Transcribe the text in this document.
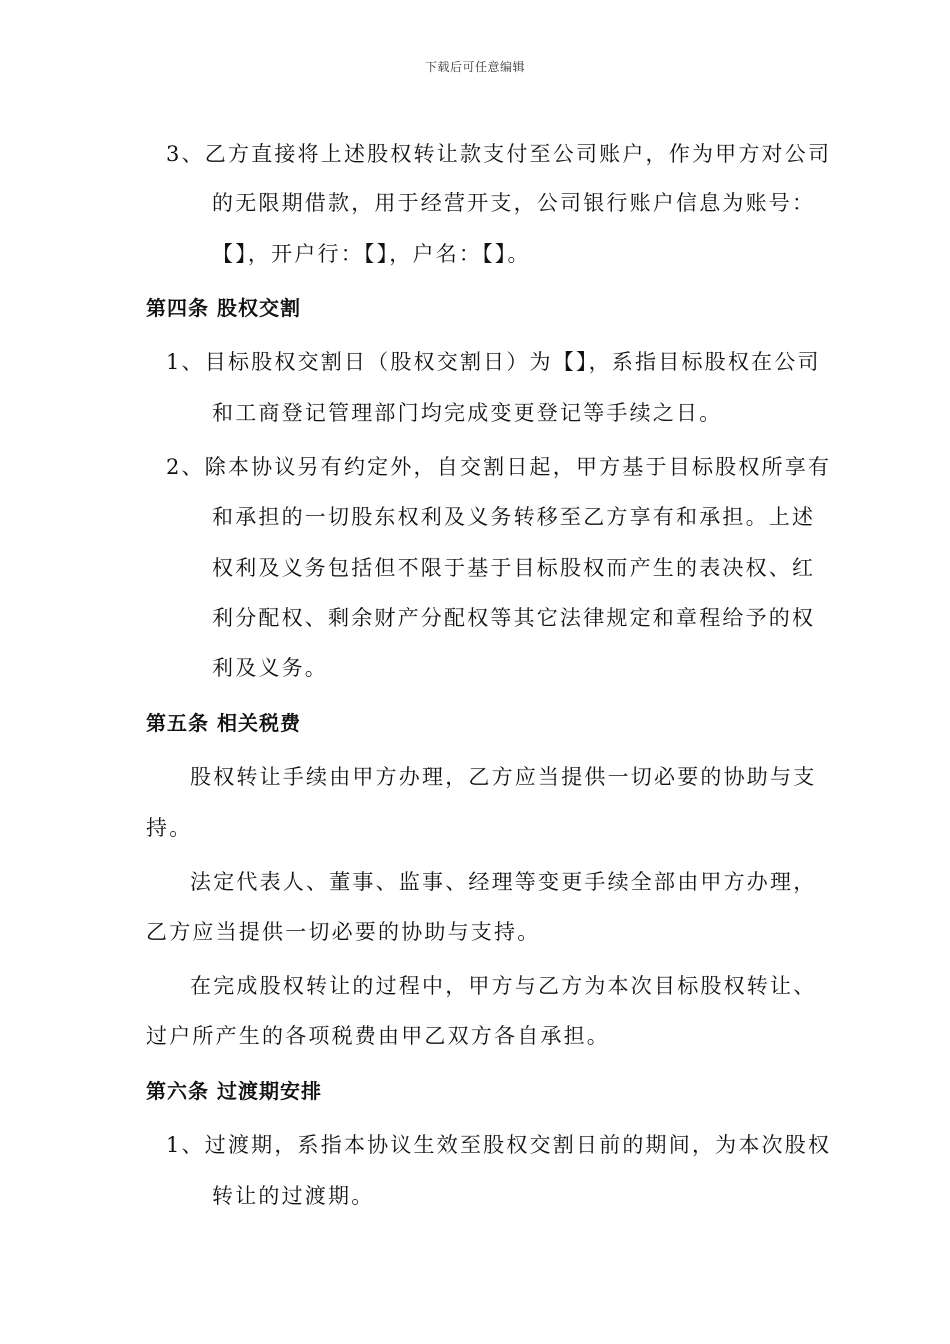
下载后可任意编辑
3、乙方直接将上述股权转让款支付至公司账户，作为甲方对公司
的无限期借款，用于经营开支，公司银行账户信息为账号：
【】，开户行：【】，户名：【】。
第四条 股权交割
1、目标股权交割日（股权交割日）为【】，系指目标股权在公司
和工商登记管理部门均完成变更登记等手续之日。
2、除本协议另有约定外，自交割日起，甲方基于目标股权所享有
和承担的一切股东权利及义务转移至乙方享有和承担。上述
权利及义务包括但不限于基于目标股权而产生的表决权、红
利分配权、剩余财产分配权等其它法律规定和章程给予的权
利及义务。
第五条 相关税费
股权转让手续由甲方办理，乙方应当提供一切必要的协助与支
持。
法定代表人、董事、监事、经理等变更手续全部由甲方办理，
乙方应当提供一切必要的协助与支持。
在完成股权转让的过程中，甲方与乙方为本次目标股权转让、
过户所产生的各项税费由甲乙双方各自承担。
第六条 过渡期安排
1、过渡期，系指本协议生效至股权交割日前的期间，为本次股权
转让的过渡期。
